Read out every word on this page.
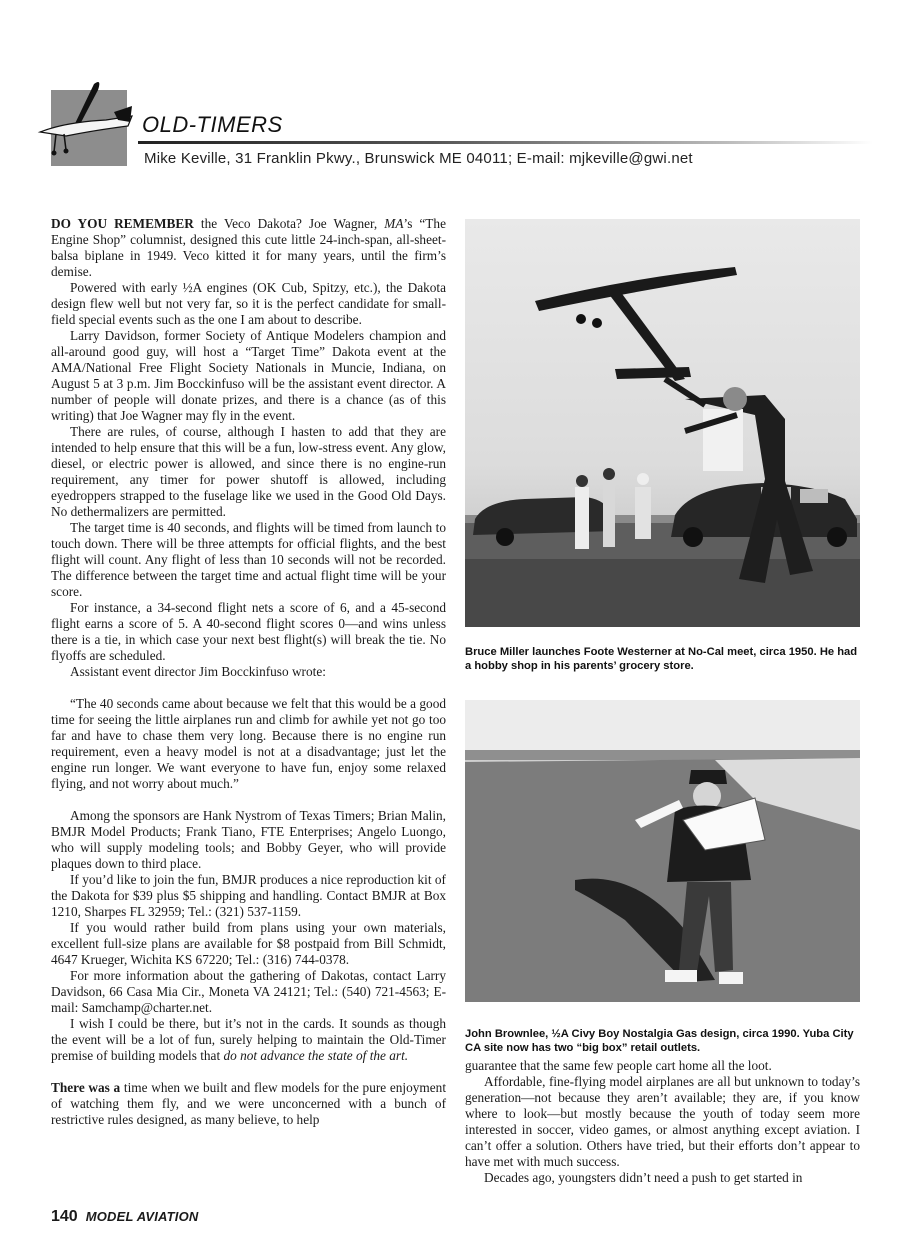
OLD-TIMERS
Mike Keville, 31 Franklin Pkwy., Brunswick ME 04011; E-mail: mjkeville@gwi.net

DO YOU REMEMBER the Veco Dakota? Joe Wagner, MA’s “The Engine Shop” columnist, designed this cute little 24-inch-span, all-sheet-balsa biplane in 1949. Veco kitted it for many years, until the firm’s demise.

Powered with early ½A engines (OK Cub, Spitzy, etc.), the Dakota design flew well but not very far, so it is the perfect candidate for small-field special events such as the one I am about to describe.

Larry Davidson, former Society of Antique Modelers champion and all-around good guy, will host a “Target Time” Dakota event at the AMA/National Free Flight Society Nationals in Muncie, Indiana, on August 5 at 3 p.m. Jim Bocckinfuso will be the assistant event director. A number of people will donate prizes, and there is a chance (as of this writing) that Joe Wagner may fly in the event.

There are rules, of course, although I hasten to add that they are intended to help ensure that this will be a fun, low-stress event. Any glow, diesel, or electric power is allowed, and since there is no engine-run requirement, any timer for power shutoff is allowed, including eyedroppers strapped to the fuselage like we used in the Good Old Days. No dethermalizers are permitted.

The target time is 40 seconds, and flights will be timed from launch to touch down. There will be three attempts for official flights, and the best flight will count. Any flight of less than 10 seconds will not be recorded. The difference between the target time and actual flight time will be your score.

For instance, a 34-second flight nets a score of 6, and a 45-second flight earns a score of 5. A 40-second flight scores 0—and wins unless there is a tie, in which case your next best flight(s) will break the tie. No flyoffs are scheduled.

Assistant event director Jim Bocckinfuso wrote:

“The 40 seconds came about because we felt that this would be a good time for seeing the little airplanes run and climb for awhile yet not go too far and have to chase them very long. Because there is no engine run requirement, even a heavy model is not at a disadvantage; just let the engine run longer. We want everyone to have fun, enjoy some relaxed flying, and not worry about much.”

Among the sponsors are Hank Nystrom of Texas Timers; Brian Malin, BMJR Model Products; Frank Tiano, FTE Enterprises; Angelo Luongo, who will supply modeling tools; and Bobby Geyer, who will provide plaques down to third place.

If you’d like to join the fun, BMJR produces a nice reproduction kit of the Dakota for $39 plus $5 shipping and handling. Contact BMJR at Box 1210, Sharpes FL 32959; Tel.: (321) 537-1159.

If you would rather build from plans using your own materials, excellent full-size plans are available for $8 postpaid from Bill Schmidt, 4647 Krueger, Wichita KS 67220; Tel.: (316) 744-0378.

For more information about the gathering of Dakotas, contact Larry Davidson, 66 Casa Mia Cir., Moneta VA 24121; Tel.: (540) 721-4563; E-mail: Samchamp@charter.net.

I wish I could be there, but it’s not in the cards. It sounds as though the event will be a lot of fun, surely helping to maintain the Old-Timer premise of building models that do not advance the state of the art.

There was a time when we built and flew models for the pure enjoyment of watching them fly, and we were unconcerned with a bunch of restrictive rules designed, as many believe, to help

Bruce Miller launches Foote Westerner at No-Cal meet, circa 1950. He had a hobby shop in his parents’ grocery store.
John Brownlee, ½A Civy Boy Nostalgia Gas design, circa 1990. Yuba City CA site now has two “big box” retail outlets.

guarantee that the same few people cart home all the loot.

Affordable, fine-flying model airplanes are all but unknown to today’s generation—not because they aren’t available; they are, if you know where to look—but mostly because the youth of today seem more interested in soccer, video games, or almost anything except aviation. I can’t offer a solution. Others have tried, but their efforts don’t appear to have met with much success.

Decades ago, youngsters didn’t need a push to get started in

140 MODEL AVIATION
